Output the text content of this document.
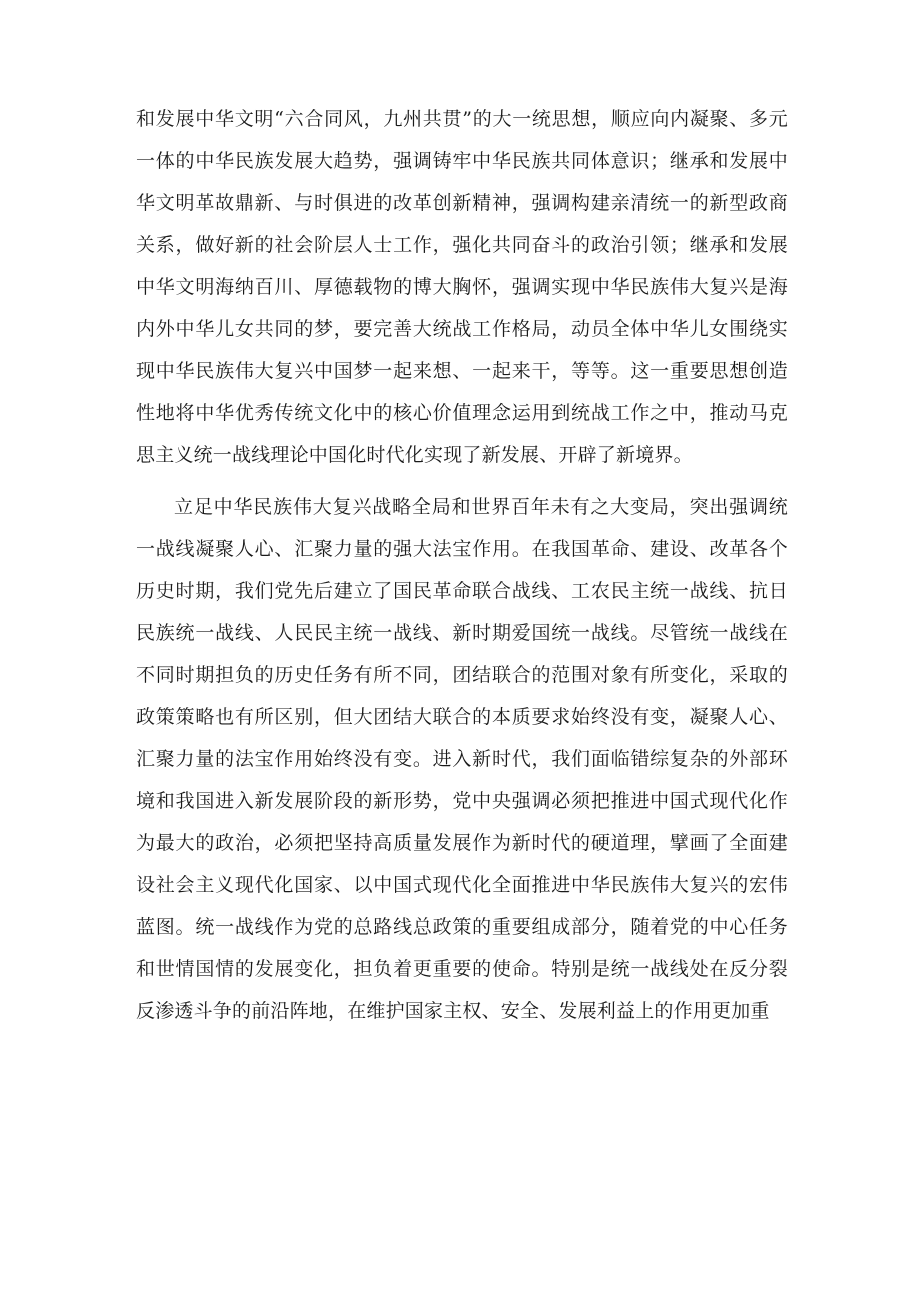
和发展中华文明“六合同风，九州共贯”的大一统思想，顺应向内凝聚、多元一体的中华民族发展大趋势，强调铸牢中华民族共同体意识；继承和发展中华文明革故鼎新、与时俱进的改革创新精神，强调构建亲清统一的新型政商关系，做好新的社会阶层人士工作，强化共同奋斗的政治引领；继承和发展中华文明海纳百川、厚德载物的博大胸怀，强调实现中华民族伟大复兴是海内外中华儿女共同的梦，要完善大统战工作格局，动员全体中华儿女围绕实现中华民族伟大复兴中国梦一起来想、一起来干，等等。这一重要思想创造性地将中华优秀传统文化中的核心价值理念运用到统战工作之中，推动马克思主义统一战线理论中国化时代化实现了新发展、开辟了新境界。

立足中华民族伟大复兴战略全局和世界百年未有之大变局，突出强调统一战线凝聚人心、汇聚力量的强大法宝作用。在我国革命、建设、改革各个历史时期，我们党先后建立了国民革命联合战线、工农民主统一战线、抗日民族统一战线、人民民主统一战线、新时期爱国统一战线。尽管统一战线在不同时期担负的历史任务有所不同，团结联合的范围对象有所变化，采取的政策策略也有所区别，但大团结大联合的本质要求始终没有变，凝聚人心、汇聚力量的法宝作用始终没有变。进入新时代，我们面临错综复杂的外部环境和我国进入新发展阶段的新形势，党中央强调必须把推进中国式现代化作为最大的政治，必须把坚持高质量发展作为新时代的硬道理，擘画了全面建设社会主义现代化国家、以中国式现代化全面推进中华民族伟大复兴的宏伟蓝图。统一战线作为党的总路线总政策的重要组成部分，随着党的中心任务和世情国情的发展变化，担负着更重要的使命。特别是统一战线处在反分裂反渗透斗争的前沿阵地，在维护国家主权、安全、发展利益上的作用更加重
